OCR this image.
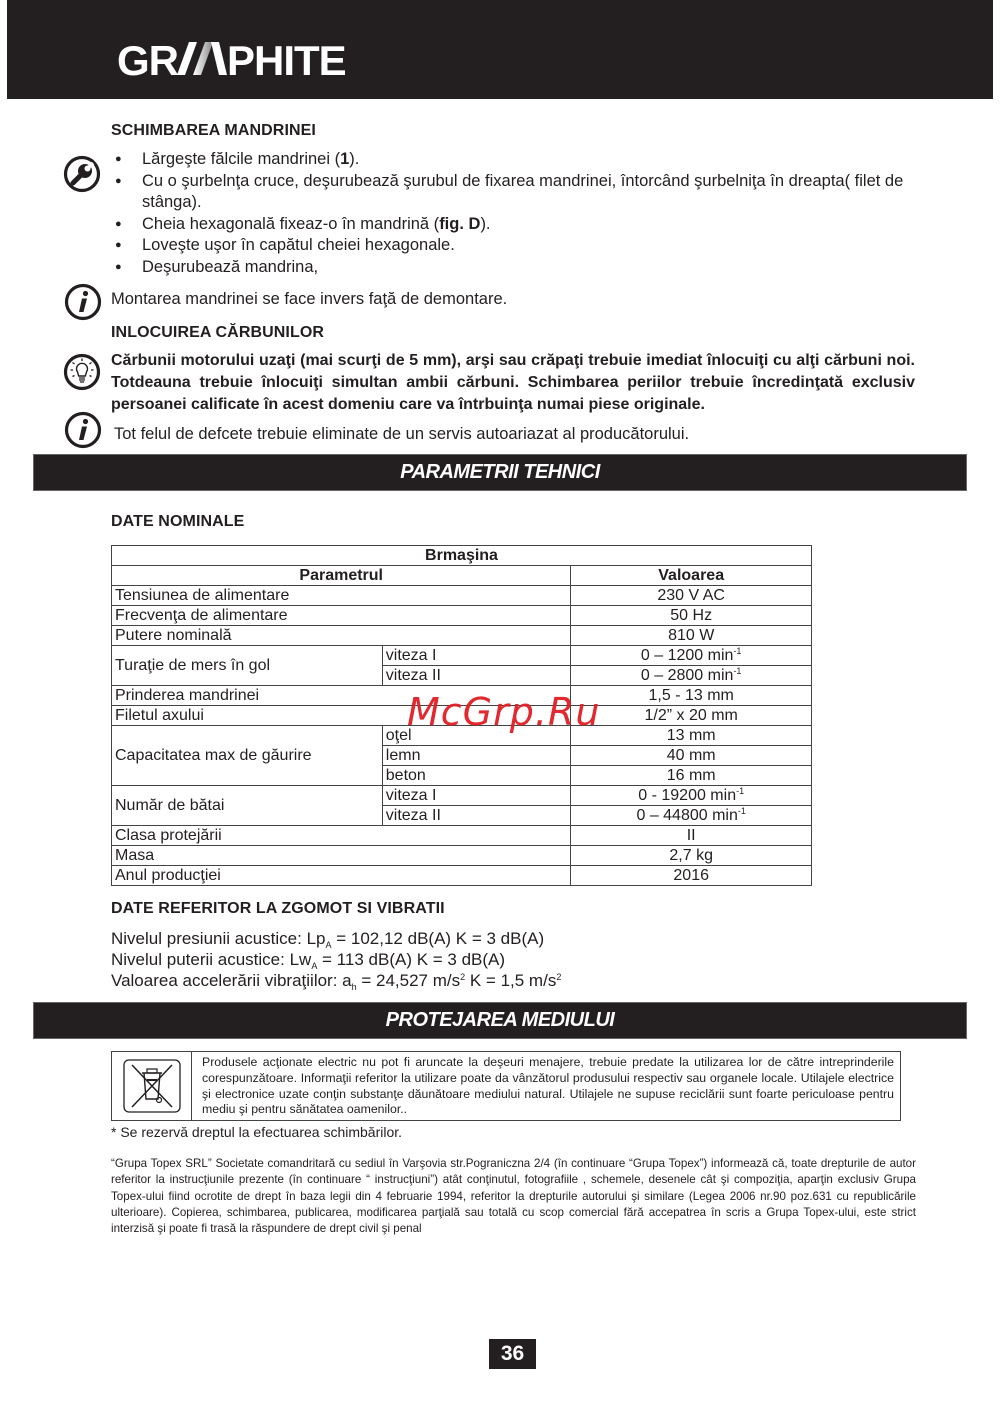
GR PHITE
SCHIMBAREA MANDRINEI
● Lărgeşte fălcile mandrinei (1).
● Cu o şurbelnţa cruce, deşurubează şurubul de fixarea mandrinei, întorcând şurbelniţa în dreapta( filet de stânga).
● Cheia hexagonală fixeaz-o în mandrină (fig. D).
● Loveşte uşor în capătul cheiei hexagonale.
● Deşurubează mandrina,
Montarea mandrinei se face invers faţă de demontare.
INLOCUIREA CĂRBUNILOR
Cărbunii motorului uzaţi (mai scurţi de 5 mm), arşi sau crăpaţi trebuie imediat înlocuiţi cu alţi cărbuni noi. Totdeauna trebuie înlocuiţi simultan ambii cărbuni. Schimbarea periilor trebuie încredinţată exclusiv persoanei calificate în acest domeniu care va întrbuinţa numai piese originale.
Tot felul de defcete trebuie eliminate de un servis autoariazat al producătorului.
PARAMETRII TEHNICI
DATE NOMINALE
Brmaşina		
Parametrul		Valoarea
Tensiunea de alimentare		230 V AC
Frecvenţa de alimentare		50 Hz
Putere nominală		810 W
Turaţie de mers în gol	viteza I	0 – 1200 $\min^{-1}$
	viteza II	0 – 2800 $\min^{-1}$
Prinderea mandrinei		1,5 - 13 mm
Filetul axului		1/2” x 20 mm
Capacitatea max de găurire	oţel	13 mm
	lemn	40 mm
	beton	16 mm
Număr de bătai	viteza I	0 - 19200 $\min^{-1}$
	viteza II	0 – 44800 $\min^{-1}$
Clasa protejării		II
Masa		2,7 kg
Anul producţiei		2016
McGrp.Ru
DATE REFERITOR LA ZGOMOT SI VIBRATII
Nivelul presiunii acustice: $Lp_A = 102,12$ dB(A) K = 3 dB(A)
Nivelul puterii acustice: $Lw_A = 113$ dB(A) K = 3 dB(A)
Valoarea accelerării vibraţiilor: $a_h = 24,527$ $m/s^2$ K = 1,5 $m/s^2$
PROTEJAREA MEDIULUI
Produsele acţionate electric nu pot fi aruncate la deşeuri menajere, trebuie predate la utilizarea lor de către intreprinderile corespunzătoare. Informaţii referitor la utilizare poate da vânzătorul produsului respectiv sau organele locale. Utilajele electrice şi electronice uzate conţin substanţe dăunătoare mediului natural. Utilajele ne supuse reciclării sunt foarte periculoase pentru mediu şi pentru sănătatea oamenilor..
* Se rezervă dreptul la efectuarea schimbărilor.
“Grupa Topex SRL” Societate comandritară cu sediul în Varşovia str.Pograniczna 2/4 (în continuare “Grupa Topex”) informează că, toate drepturile de autor referitor la instrucţiunile prezente (în continuare “ instrucţiuni”) atât conţinutul, fotografiile , schemele, desenele cât şi compoziţia, aparţin exclusiv Grupa Topex-ului fiind ocrotite de drept în baza legii din 4 februarie 1994, referitor la drepturile autorului şi similare (Legea 2006 nr.90 poz.631 cu republicările ulterioare). Copierea, schimbarea, publicarea, modificarea parţială sau totală cu scop comercial fără accepatrea în scris a Grupa Topex-ului, este strict interzisă şi poate fi trasă la răspundere de drept civil şi penal
36
